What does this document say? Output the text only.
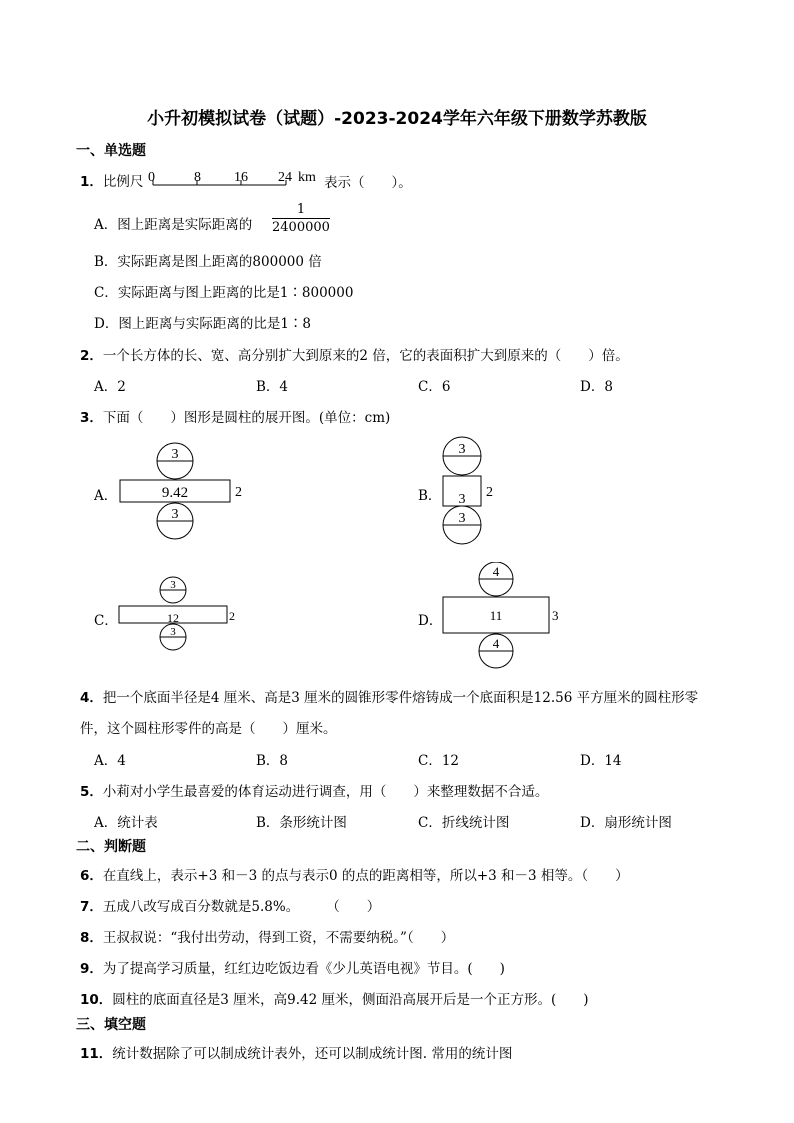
小升初模拟试卷（试题）-2023-2024学年六年级下册数学苏教版
一、单选题
1．比例尺 0	8 16 24 km 表示（　　）。
A．图上距离是实际距离的 $\frac{1}{2400000}$
B．实际距离是图上距离的800000 倍
C．实际距离与图上距离的比是1∶800000
D．图上距离与实际距离的比是1∶8
2．一个长方体的长、宽、高分别扩大到原来的2 倍，它的表面积扩大到原来的（　　）倍。
A．2	B．4	C．6	D．8
3．下面（　　）图形是圆柱的展开图。(单位：cm)
A．
3
9.42	2
3
B．
3
3 2
3
C．
3
12	2
3
D．
4
11	3
4
4．把一个底面半径是4 厘米、高是3 厘米的圆锥形零件熔铸成一个底面积是12.56 平方厘米的圆柱形零
件，这个圆柱形零件的高是（　　）厘米。
A．4	B．8	C．12	D．14
5．小莉对小学生最喜爱的体育运动进行调查，用（　　）来整理数据不合适。
A．统计表	B．条形统计图	C．折线统计图	D．扇形统计图
二、判断题
6．在直线上，表示+3 和－3 的点与表示0 的点的距离相等，所以+3 和－3 相等。（　　）
7．五成八改写成百分数就是5.8%。　　　（　　）
8．王叔叔说：“我付出劳动，得到工资，不需要纳税。”（　　）
9．为了提高学习质量，红红边吃饭边看《少儿英语电视》节目。(　　)
10．圆柱的底面直径是3 厘米，高9.42 厘米，侧面沿高展开后是一个正方形。(　　)
三、填空题
11．统计数据除了可以制成统计表外，还可以制成统计图. 常用的统计图
